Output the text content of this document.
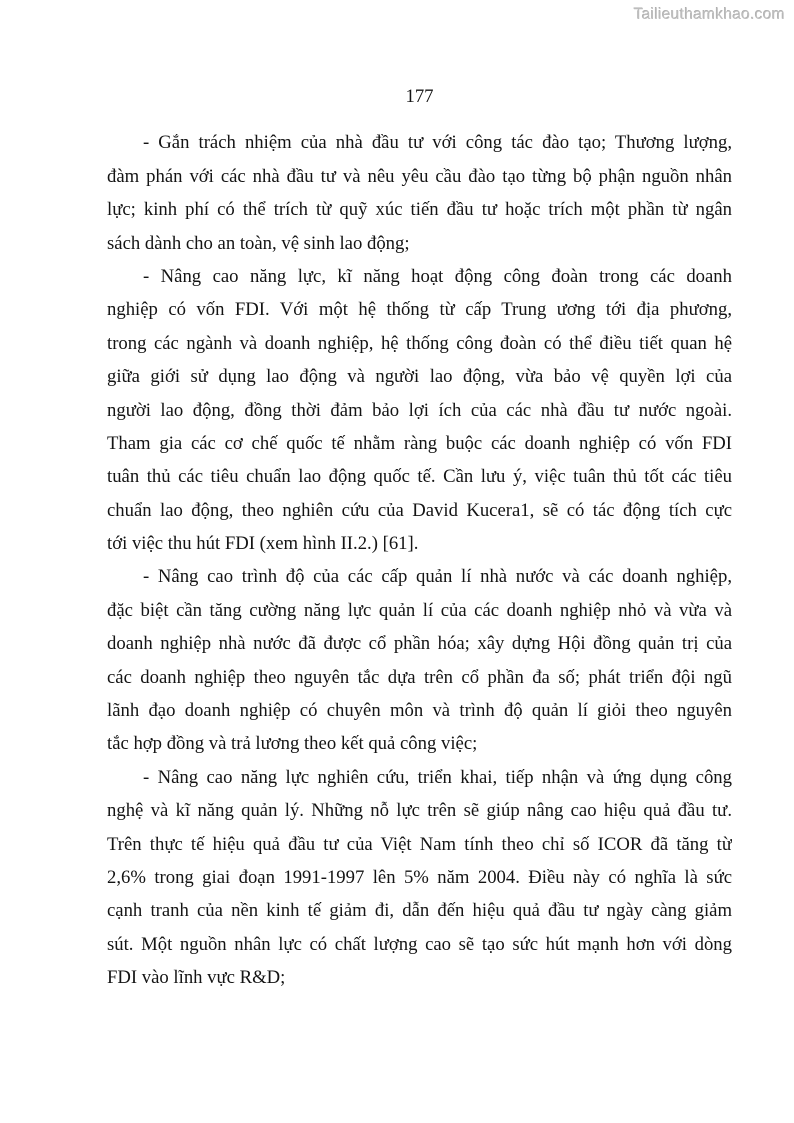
Tailieuthamkhao.com
177
- Gắn trách nhiệm của nhà đầu tư với công tác đào tạo; Thương lượng,
đàm phán với các nhà đầu tư và nêu yêu cầu đào tạo từng bộ phận nguồn nhân
lực; kinh phí có thể trích từ quỹ xúc tiến đầu tư hoặc trích một phần từ ngân
sách dành cho an toàn, vệ sinh lao động;
- Nâng cao năng lực, kĩ năng hoạt động công đoàn trong các doanh
nghiệp có vốn FDI. Với một hệ thống từ cấp Trung ương tới địa phương,
trong các ngành và doanh nghiệp, hệ thống công đoàn có thể điều tiết quan hệ
giữa giới sử dụng lao động và người lao động, vừa bảo vệ quyền lợi của
người lao động, đồng thời đảm bảo lợi ích của các nhà đầu tư nước ngoài.
Tham gia các cơ chế quốc tế nhằm ràng buộc các doanh nghiệp có vốn FDI
tuân thủ các tiêu chuẩn lao động quốc tế. Cần lưu ý, việc tuân thủ tốt các tiêu
chuẩn lao động, theo nghiên cứu của David Kucera1, sẽ có tác động tích cực
tới việc thu hút FDI (xem hình II.2.) [61].
- Nâng cao trình độ của các cấp quản lí nhà nước và các doanh nghiệp,
đặc biệt cần tăng cường năng lực quản lí của các doanh nghiệp nhỏ và vừa và
doanh nghiệp nhà nước đã được cổ phần hóa; xây dựng Hội đồng quản trị của
các doanh nghiệp theo nguyên tắc dựa trên cổ phần đa số; phát triển đội ngũ
lãnh đạo doanh nghiệp có chuyên môn và trình độ quản lí giỏi theo nguyên
tắc hợp đồng và trả lương theo kết quả công việc;
- Nâng cao năng lực nghiên cứu, triển khai, tiếp nhận và ứng dụng công
nghệ và kĩ năng quản lý. Những nỗ lực trên sẽ giúp nâng cao hiệu quả đầu tư.
Trên thực tế hiệu quả đầu tư của Việt Nam tính theo chỉ số ICOR đã tăng từ
2,6% trong giai đoạn 1991-1997 lên 5% năm 2004. Điều này có nghĩa là sức
cạnh tranh của nền kinh tế giảm đi, dẫn đến hiệu quả đầu tư ngày càng giảm
sút. Một nguồn nhân lực có chất lượng cao sẽ tạo sức hút mạnh hơn với dòng
FDI vào lĩnh vực R&D;
